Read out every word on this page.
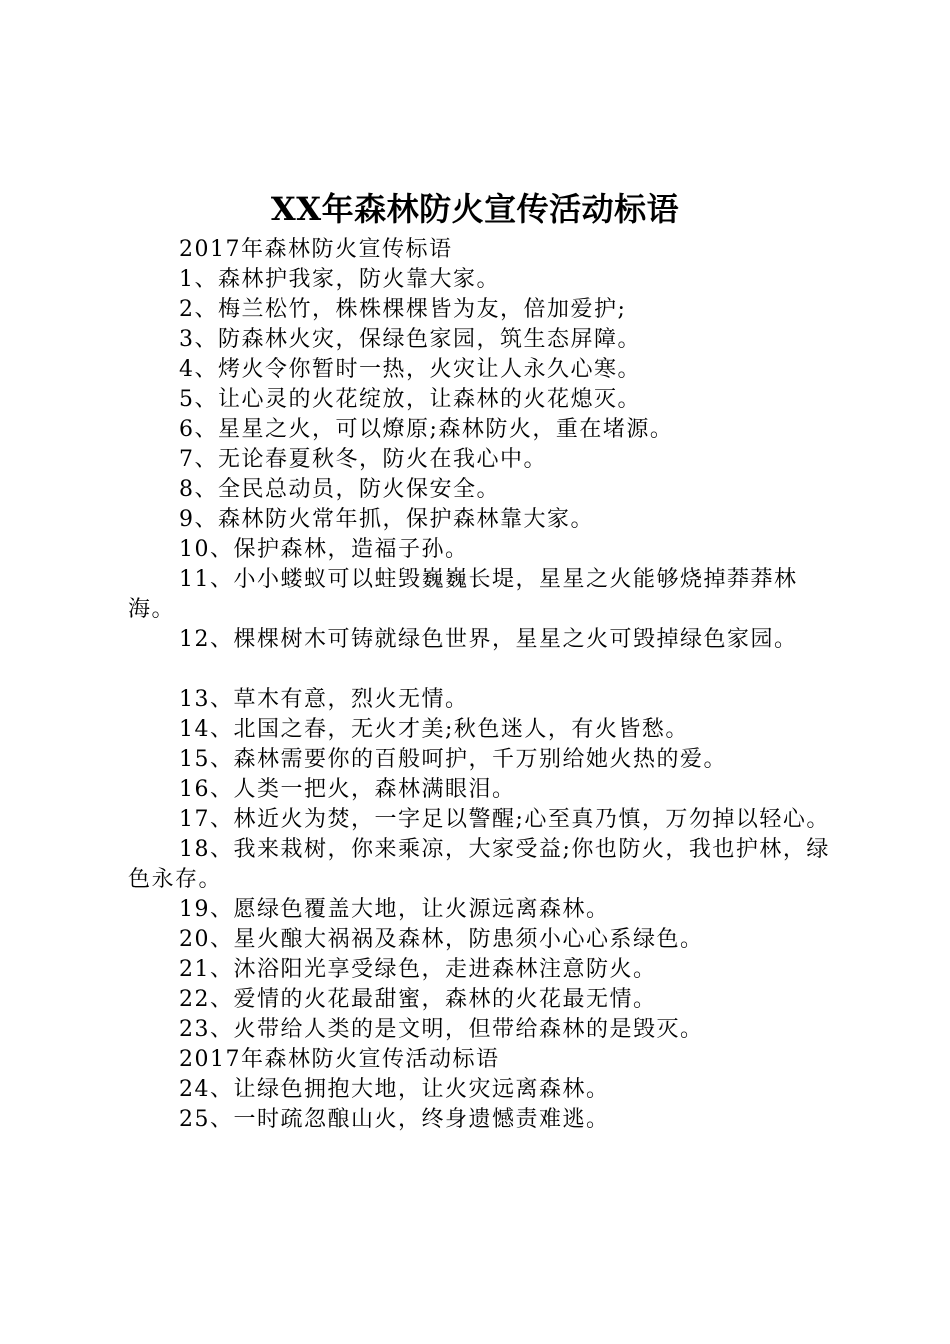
XX年森林防火宣传活动标语

2017年森林防火宣传标语

1、森林护我家，防火靠大家。

2、梅兰松竹，株株棵棵皆为友，倍加爱护;

3、防森林火灾，保绿色家园，筑生态屏障。

4、烤火令你暂时一热，火灾让人永久心寒。

5、让心灵的火花绽放，让森林的火花熄灭。

6、星星之火，可以燎原;森林防火，重在堵源。

7、无论春夏秋冬，防火在我心中。

8、全民总动员，防火保安全。

9、森林防火常年抓，保护森林靠大家。

10、保护森林，造福子孙。

11、小小蝼蚁可以蛀毁巍巍长堤，星星之火能够烧掉莽莽林海。

12、棵棵树木可铸就绿色世界，星星之火可毁掉绿色家园。

13、草木有意，烈火无情。

14、北国之春，无火才美;秋色迷人，有火皆愁。

15、森林需要你的百般呵护，千万别给她火热的爱。

16、人类一把火，森林满眼泪。

17、林近火为焚，一字足以警醒;心至真乃慎，万勿掉以轻心。

18、我来栽树，你来乘凉，大家受益;你也防火，我也护林，绿色永存。

19、愿绿色覆盖大地，让火源远离森林。

20、星火酿大祸祸及森林，防患须小心心系绿色。

21、沐浴阳光享受绿色，走进森林注意防火。

22、爱情的火花最甜蜜，森林的火花最无情。

23、火带给人类的是文明，但带给森林的是毁灭。

2017年森林防火宣传活动标语

24、让绿色拥抱大地，让火灾远离森林。

25、一时疏忽酿山火，终身遗憾责难逃。
